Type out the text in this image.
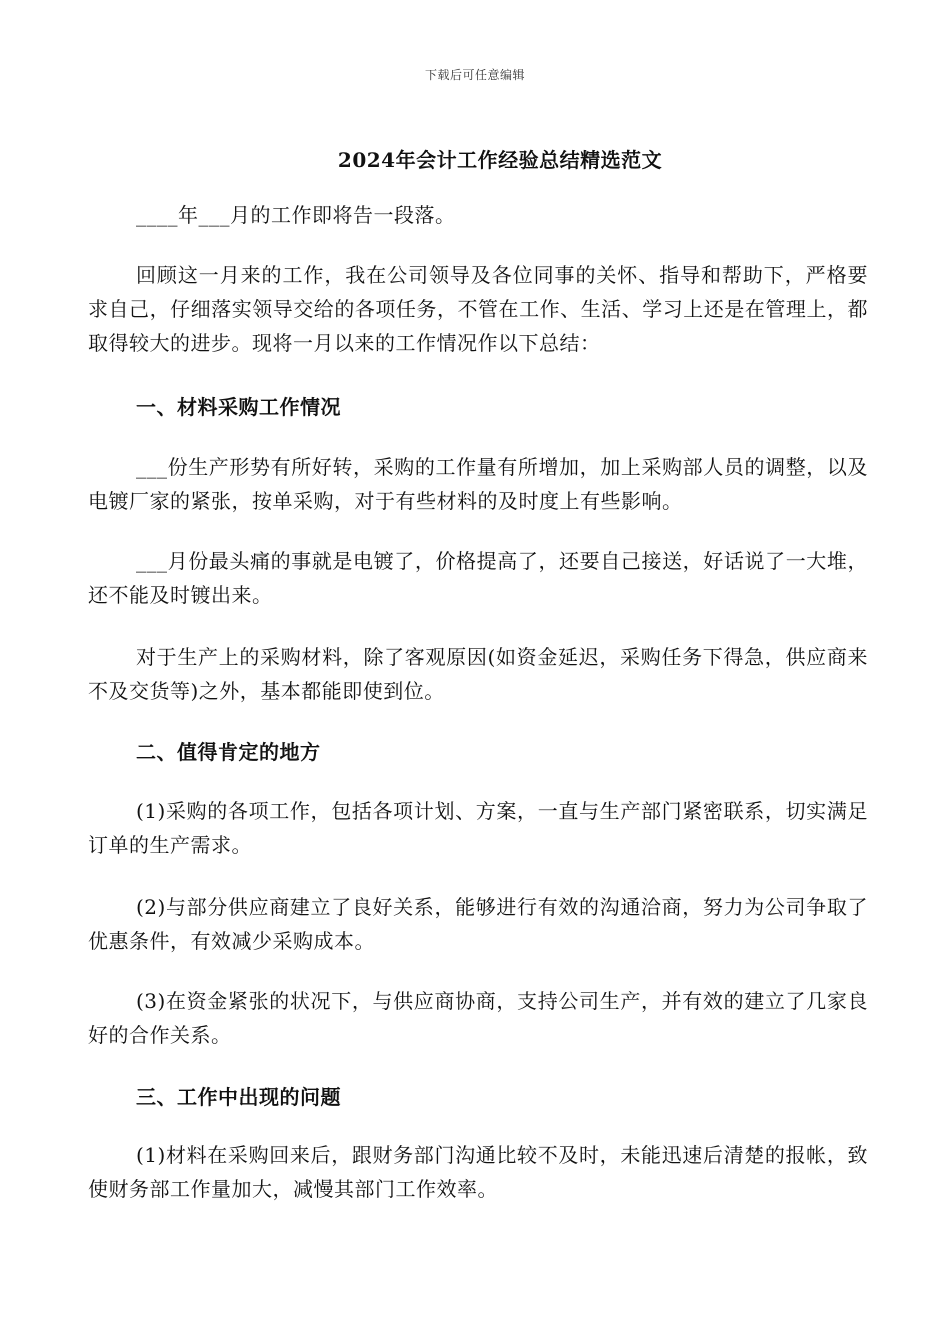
下载后可任意编辑
2024年会计工作经验总结精选范文

____年___月的工作即将告一段落。

回顾这一月来的工作，我在公司领导及各位同事的关怀、指导和帮助下，严格要求自己，仔细落实领导交给的各项任务，不管在工作、生活、学习上还是在管理上，都取得较大的进步。现将一月以来的工作情况作以下总结：

一、材料采购工作情况

___份生产形势有所好转，采购的工作量有所增加，加上采购部人员的调整，以及电镀厂家的紧张，按单采购，对于有些材料的及时度上有些影响。

___月份最头痛的事就是电镀了，价格提高了，还要自己接送，好话说了一大堆，还不能及时镀出来。

对于生产上的采购材料，除了客观原因(如资金延迟，采购任务下得急，供应商来不及交货等)之外，基本都能即使到位。

二、值得肯定的地方

(1)采购的各项工作，包括各项计划、方案，一直与生产部门紧密联系，切实满足订单的生产需求。

(2)与部分供应商建立了良好关系，能够进行有效的沟通洽商，努力为公司争取了优惠条件，有效减少采购成本。

(3)在资金紧张的状况下，与供应商协商，支持公司生产，并有效的建立了几家良好的合作关系。

三、工作中出现的问题

(1)材料在采购回来后，跟财务部门沟通比较不及时，未能迅速后清楚的报帐，致使财务部工作量加大，减慢其部门工作效率。
